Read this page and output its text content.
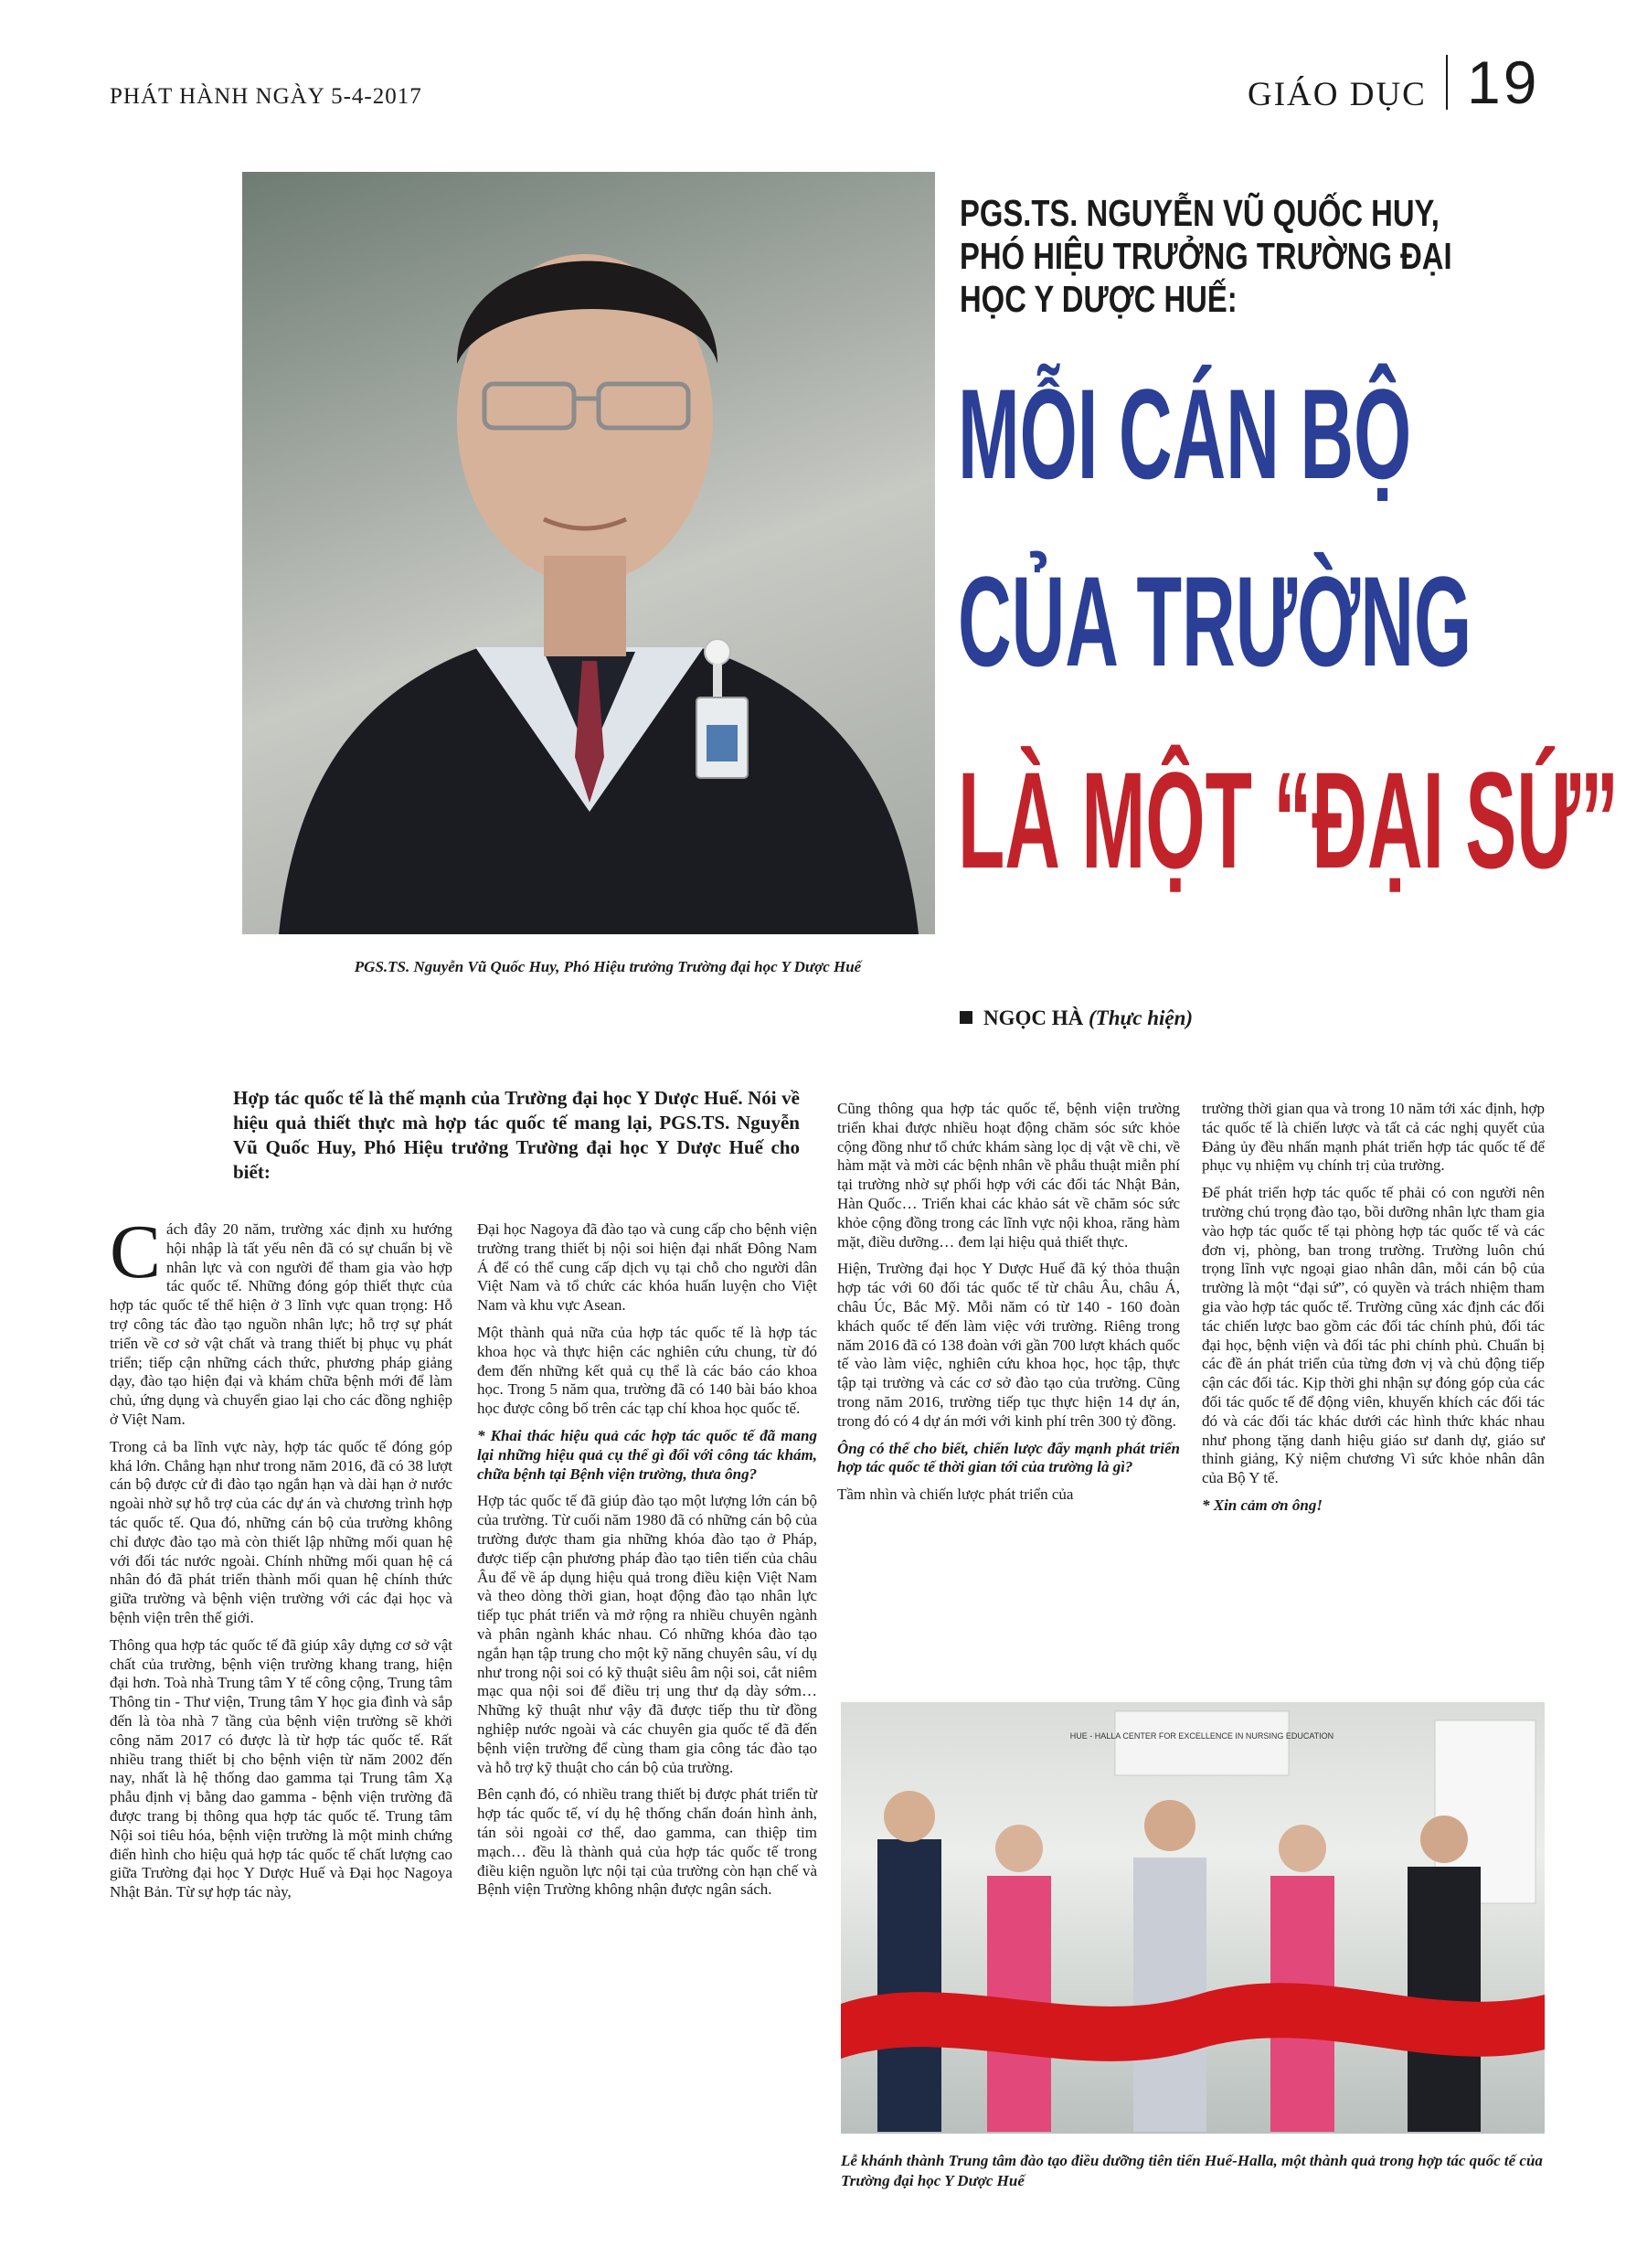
PHÁT HÀNH NGÀY 5-4-2017	GIÁO DỤC 19
PGS.TS. Nguyễn Vũ Quốc Huy, Phó Hiệu trưởng Trường đại học Y Dược Huế
PGS.TS. NGUYỄN VŨ QUỐC HUY, PHÓ HIỆU TRƯỞNG TRƯỜNG ĐẠI HỌC Y DƯỢC HUẾ:
MỖI CÁN BỘ
CỦA TRƯỜNG
LÀ MỘT “ĐẠI SỨ”
NGỌC HÀ (Thực hiện)
Hợp tác quốc tế là thế mạnh của Trường đại học Y Dược Huế. Nói về hiệu quả thiết thực mà hợp tác quốc tế mang lại, PGS.TS. Nguyễn Vũ Quốc Huy, Phó Hiệu trưởng Trường đại học Y Dược Huế cho biết:

Cách đây 20 năm, trường xác định xu hướng hội nhập là tất yếu nên đã có sự chuẩn bị về nhân lực và con người để tham gia vào hợp tác quốc tế. Những đóng góp thiết thực của hợp tác quốc tế thể hiện ở 3 lĩnh vực quan trọng: Hỗ trợ công tác đào tạo nguồn nhân lực; hỗ trợ sự phát triển về cơ sở vật chất và trang thiết bị phục vụ phát triển; tiếp cận những cách thức, phương pháp giảng dạy, đào tạo hiện đại và khám chữa bệnh mới để làm chủ, ứng dụng và chuyển giao lại cho các đồng nghiệp ở Việt Nam.

Trong cả ba lĩnh vực này, hợp tác quốc tế đóng góp khá lớn. Chẳng hạn như trong năm 2016, đã có 38 lượt cán bộ được cử đi đào tạo ngắn hạn và dài hạn ở nước ngoài nhờ sự hỗ trợ của các dự án và chương trình hợp tác quốc tế. Qua đó, những cán bộ của trường không chỉ được đào tạo mà còn thiết lập những mối quan hệ với đối tác nước ngoài. Chính những mối quan hệ cá nhân đó đã phát triển thành mối quan hệ chính thức giữa trường và bệnh viện trường với các đại học và bệnh viện trên thế giới.

Thông qua hợp tác quốc tế đã giúp xây dựng cơ sở vật chất của trường, bệnh viện trường khang trang, hiện đại hơn. Toà nhà Trung tâm Y tế công cộng, Trung tâm Thông tin - Thư viện, Trung tâm Y học gia đình và sắp đến là tòa nhà 7 tầng của bệnh viện trường sẽ khởi công năm 2017 có được là từ hợp tác quốc tế. Rất nhiều trang thiết bị cho bệnh viện từ năm 2002 đến nay, nhất là hệ thống dao gamma tại Trung tâm Xạ phẫu định vị bằng dao gamma - bệnh viện trường đã được trang bị thông qua hợp tác quốc tế. Trung tâm Nội soi tiêu hóa, bệnh viện trường là một minh chứng điển hình cho hiệu quả hợp tác quốc tế chất lượng cao giữa Trường đại học Y Dược Huế và Đại học Nagoya Nhật Bản. Từ sự hợp tác này,

Đại học Nagoya đã đào tạo và cung cấp cho bệnh viện trường trang thiết bị nội soi hiện đại nhất Đông Nam Á để có thể cung cấp dịch vụ tại chỗ cho người dân Việt Nam và tổ chức các khóa huấn luyện cho Việt Nam và khu vực Asean.

Một thành quả nữa của hợp tác quốc tế là hợp tác khoa học và thực hiện các nghiên cứu chung, từ đó đem đến những kết quả cụ thể là các báo cáo khoa học. Trong 5 năm qua, trường đã có 140 bài báo khoa học được công bố trên các tạp chí khoa học quốc tế.

* Khai thác hiệu quả các hợp tác quốc tế đã mang lại những hiệu quả cụ thể gì đối với công tác khám, chữa bệnh tại Bệnh viện trường, thưa ông?

Hợp tác quốc tế đã giúp đào tạo một lượng lớn cán bộ của trường. Từ cuối năm 1980 đã có những cán bộ của trường được tham gia những khóa đào tạo ở Pháp, được tiếp cận phương pháp đào tạo tiên tiến của châu Âu để về áp dụng hiệu quả trong điều kiện Việt Nam và theo dòng thời gian, hoạt động đào tạo nhân lực tiếp tục phát triển và mở rộng ra nhiều chuyên ngành và phân ngành khác nhau. Có những khóa đào tạo ngắn hạn tập trung cho một kỹ năng chuyên sâu, ví dụ như trong nội soi có kỹ thuật siêu âm nội soi, cắt niêm mạc qua nội soi để điều trị ung thư dạ dày sớm… Những kỹ thuật như vậy đã được tiếp thu từ đồng nghiệp nước ngoài và các chuyên gia quốc tế đã đến bệnh viện trường để cùng tham gia công tác đào tạo và hỗ trợ kỹ thuật cho cán bộ của trường.

Bên cạnh đó, có nhiều trang thiết bị được phát triển từ hợp tác quốc tế, ví dụ hệ thống chẩn đoán hình ảnh, tán sỏi ngoài cơ thể, dao gamma, can thiệp tim mạch… đều là thành quả của hợp tác quốc tế trong điều kiện nguồn lực nội tại của trường còn hạn chế và Bệnh viện Trường không nhận được ngân sách.

Cũng thông qua hợp tác quốc tế, bệnh viện trường triển khai được nhiều hoạt động chăm sóc sức khỏe cộng đồng như tổ chức khám sàng lọc dị vật về chi, về hàm mặt và mời các bệnh nhân về phẫu thuật miễn phí tại trường nhờ sự phối hợp với các đối tác Nhật Bản, Hàn Quốc… Triển khai các khảo sát về chăm sóc sức khỏe cộng đồng trong các lĩnh vực nội khoa, răng hàm mặt, điều dưỡng… đem lại hiệu quả thiết thực.

Hiện, Trường đại học Y Dược Huế đã ký thỏa thuận hợp tác với 60 đối tác quốc tế từ châu Âu, châu Á, châu Úc, Bắc Mỹ. Mỗi năm có từ 140 - 160 đoàn khách quốc tế đến làm việc với trường. Riêng trong năm 2016 đã có 138 đoàn với gần 700 lượt khách quốc tế vào làm việc, nghiên cứu khoa học, học tập, thực tập tại trường và các cơ sở đào tạo của trường. Cũng trong năm 2016, trường tiếp tục thực hiện 14 dự án, trong đó có 4 dự án mới với kinh phí trên 300 tỷ đồng.

Ông có thể cho biết, chiến lược đẩy mạnh phát triển hợp tác quốc tế thời gian tới của trường là gì?

Tầm nhìn và chiến lược phát triển của

trường thời gian qua và trong 10 năm tới xác định, hợp tác quốc tế là chiến lược và tất cả các nghị quyết của Đảng ủy đều nhấn mạnh phát triển hợp tác quốc tế để phục vụ nhiệm vụ chính trị của trường.

Để phát triển hợp tác quốc tế phải có con người nên trường chú trọng đào tạo, bồi dưỡng nhân lực tham gia vào hợp tác quốc tế tại phòng hợp tác quốc tế và các đơn vị, phòng, ban trong trường. Trường luôn chú trọng lĩnh vực ngoại giao nhân dân, mỗi cán bộ của trường là một “đại sứ”, có quyền và trách nhiệm tham gia vào hợp tác quốc tế. Trường cũng xác định các đối tác chiến lược bao gồm các đối tác chính phủ, đối tác đại học, bệnh viện và đối tác phi chính phủ. Chuẩn bị các đề án phát triển của từng đơn vị và chủ động tiếp cận các đối tác. Kịp thời ghi nhận sự đóng góp của các đối tác quốc tế để động viên, khuyến khích các đối tác đó và các đối tác khác dưới các hình thức khác nhau như phong tặng danh hiệu giáo sư danh dự, giáo sư thỉnh giảng, Kỷ niệm chương Vì sức khỏe nhân dân của Bộ Y tế.

* Xin cảm ơn ông!

HUE - HALLA CENTER FOR EXCELLENCE IN NURSING EDUCATION
Lễ khánh thành Trung tâm đào tạo điều dưỡng tiên tiến Huế-Halla, một thành quả trong hợp tác quốc tế của Trường đại học Y Dược Huế
